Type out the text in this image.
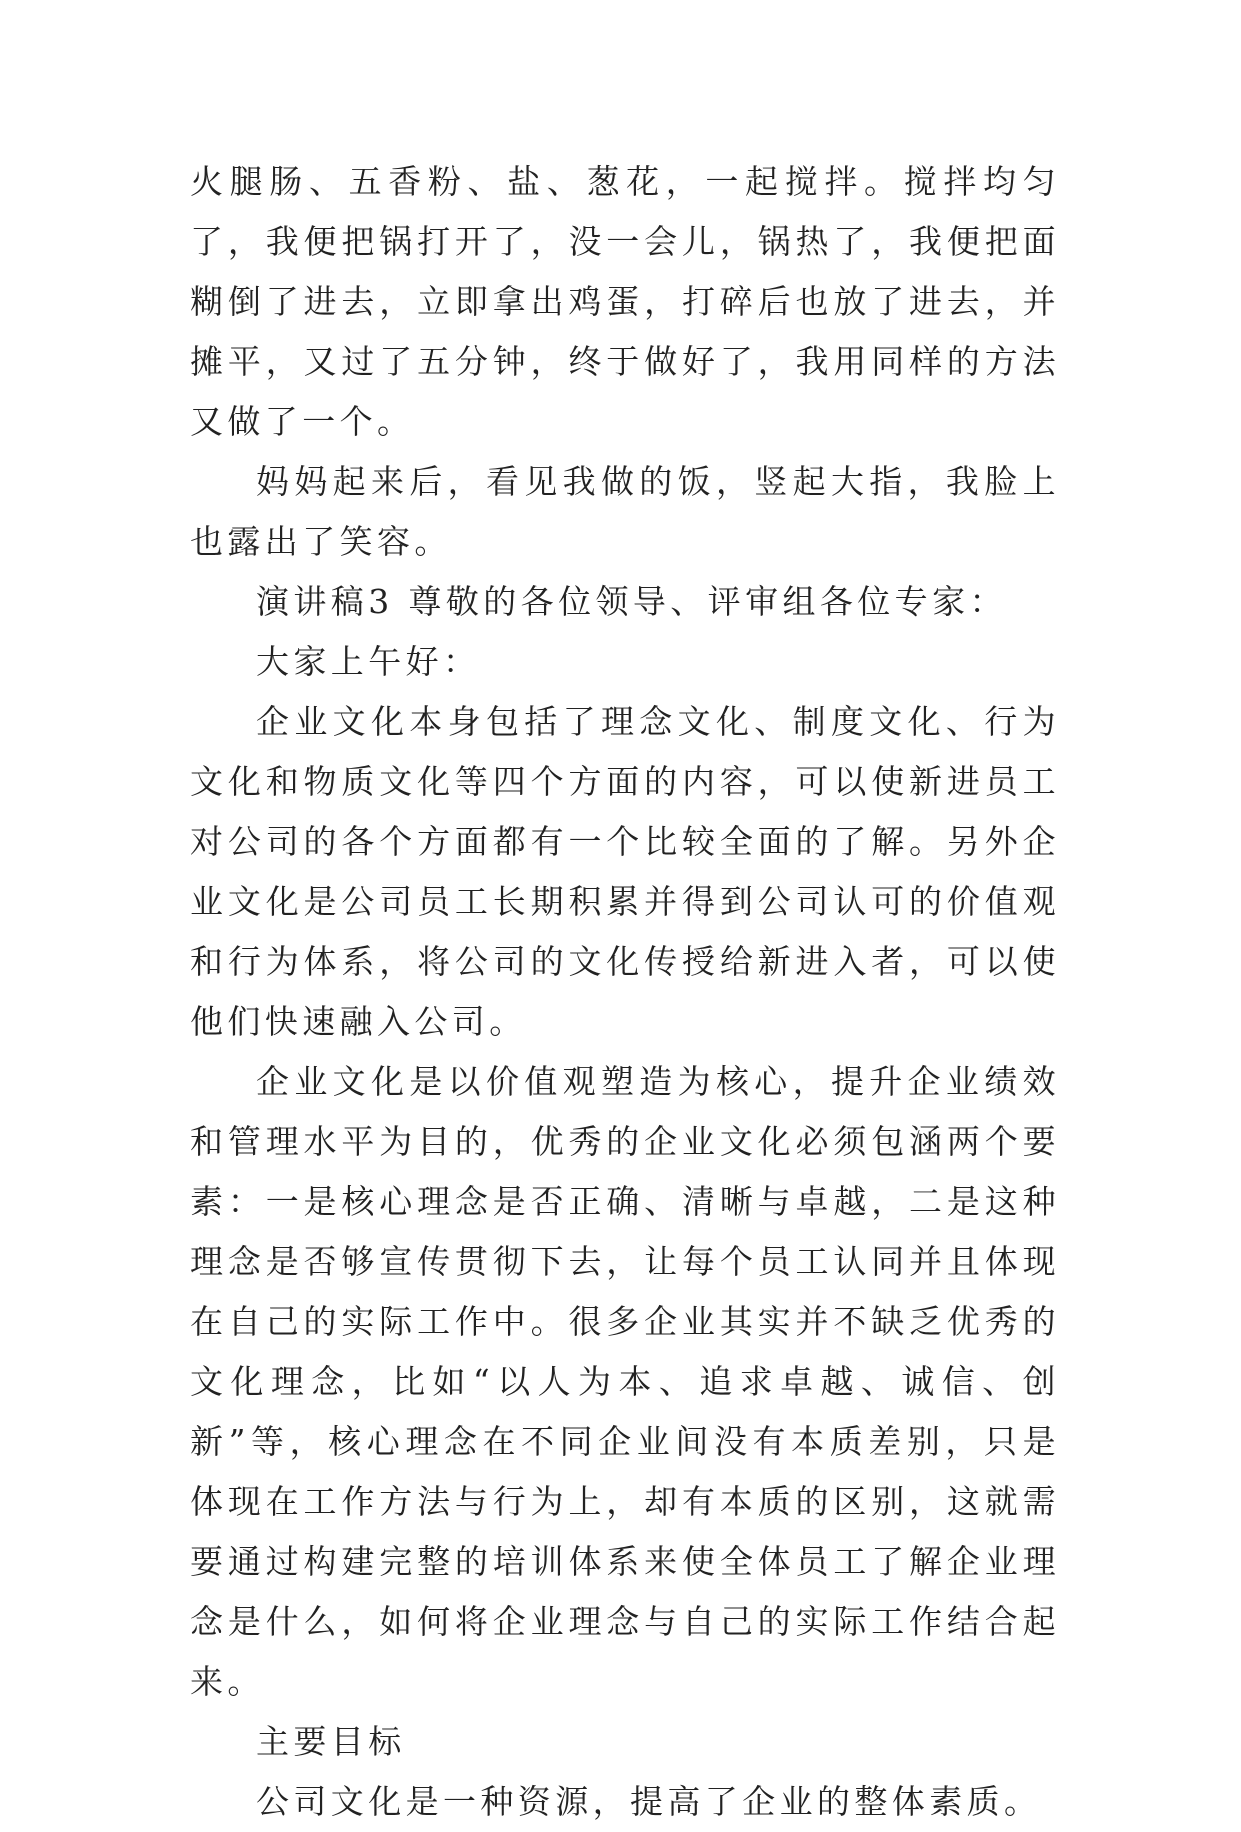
火腿肠、五香粉、盐、葱花，一起搅拌。搅拌均匀了，我便把锅打开了，没一会儿，锅热了，我便把面糊倒了进去，立即拿出鸡蛋，打碎后也放了进去，并摊平，又过了五分钟，终于做好了，我用同样的方法又做了一个。

妈妈起来后，看见我做的饭，竖起大指，我脸上也露出了笑容。

演讲稿3 尊敬的各位领导、评审组各位专家：

大家上午好：

企业文化本身包括了理念文化、制度文化、行为文化和物质文化等四个方面的内容，可以使新进员工对公司的各个方面都有一个比较全面的了解。另外企业文化是公司员工长期积累并得到公司认可的价值观和行为体系，将公司的文化传授给新进入者，可以使他们快速融入公司。

企业文化是以价值观塑造为核心，提升企业绩效和管理水平为目的，优秀的企业文化必须包涵两个要素：一是核心理念是否正确、清晰与卓越，二是这种理念是否够宣传贯彻下去，让每个员工认同并且体现在自己的实际工作中。很多企业其实并不缺乏优秀的文化理念，比如“以人为本、追求卓越、诚信、创新”等，核心理念在不同企业间没有本质差别，只是体现在工作方法与行为上，却有本质的区别，这就需要通过构建完整的培训体系来使全体员工了解企业理念是什么，如何将企业理念与自己的实际工作结合起来。

主要目标

公司文化是一种资源，提高了企业的整体素质。
